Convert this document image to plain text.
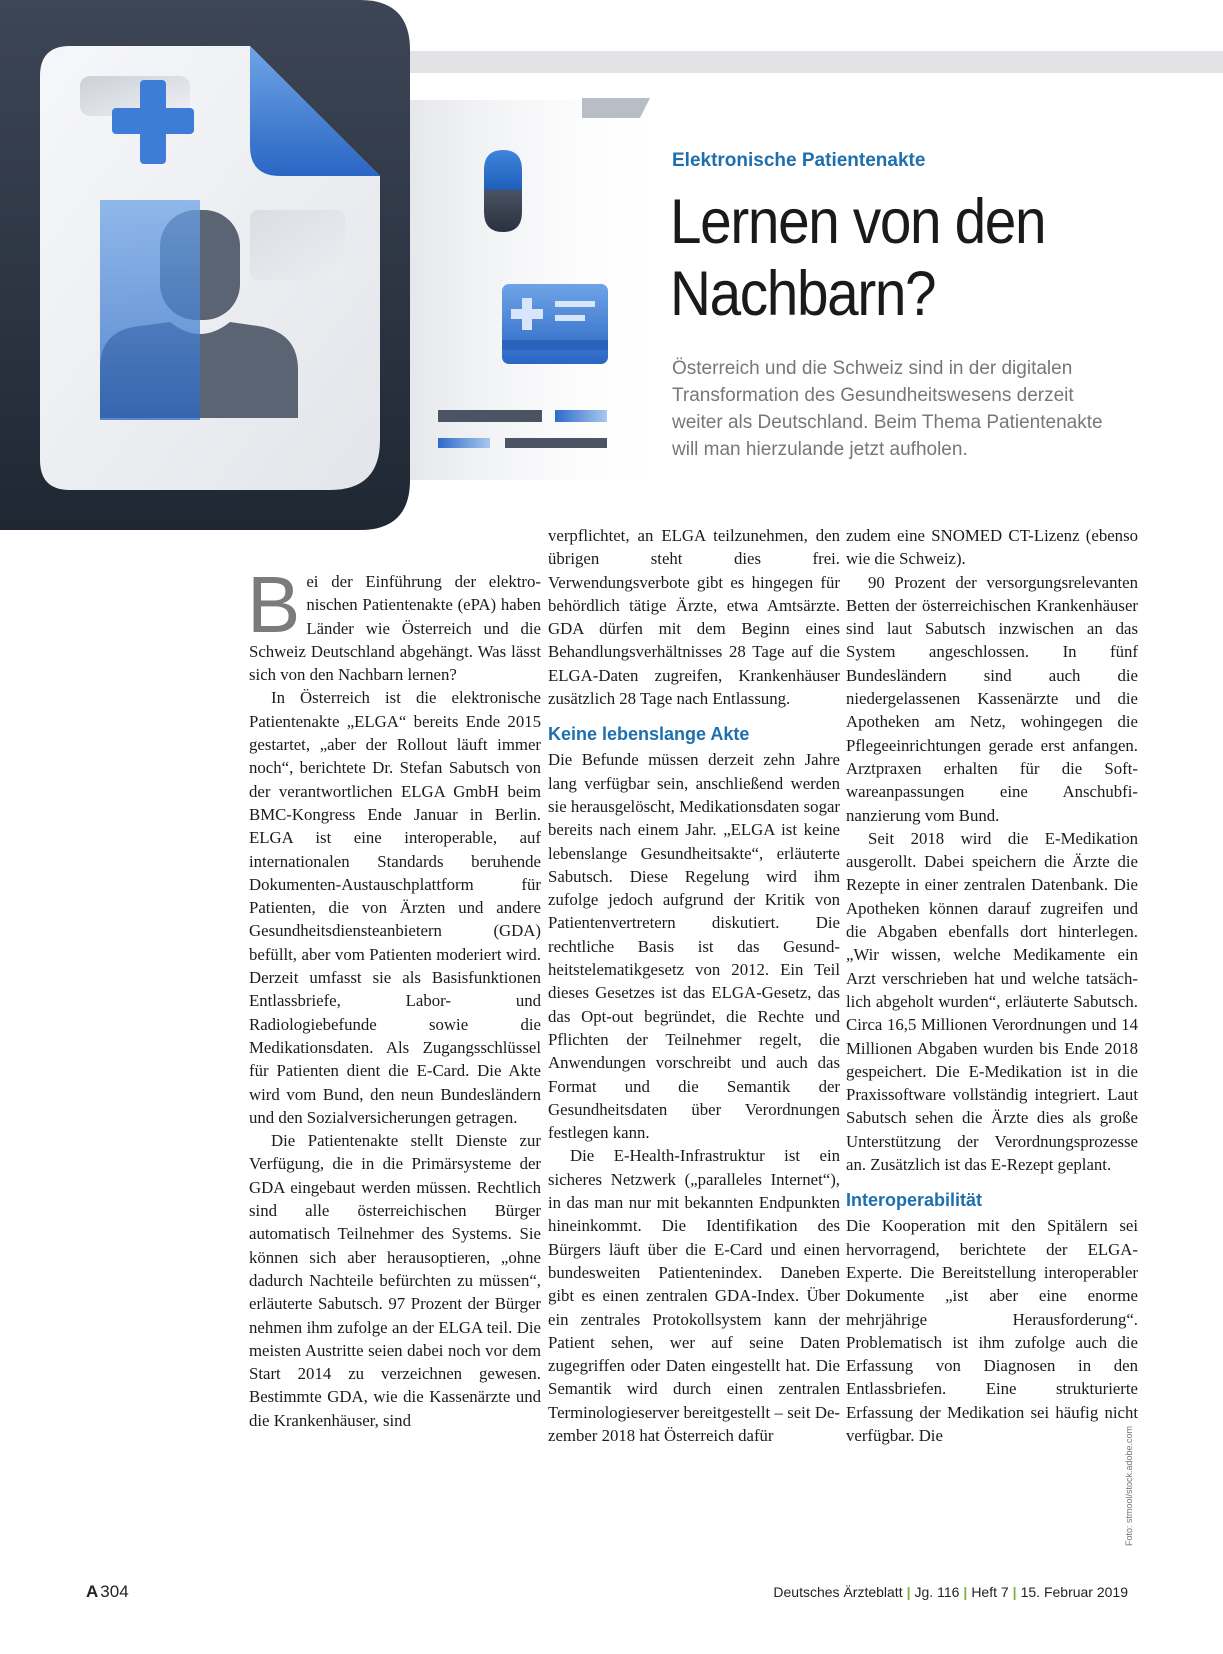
Elektronische Patientenakte

Lernen von den
Nachbarn?

Österreich und die Schweiz sind in der digitalen Transformation des Gesundheitswesens derzeit weiter als Deutschland. Beim Thema Patientenakte will man hierzulande jetzt aufholen.

Bei der Einführung der elektronischen Patientenakte (ePA) haben Länder wie Österreich und die Schweiz Deutschland abgehängt. Was lässt sich von den Nachbarn lernen?

In Österreich ist die elektronische Patientenakte „ELGA“ bereits Ende 2015 gestartet, „aber der Rollout läuft immer noch“, berichtete Dr. Stefan Sabutsch von der verantwortlichen ELGA GmbH beim BMC-Kongress Ende Januar in Berlin. ELGA ist eine interoperable, auf internationalen Standards beruhende Dokumenten-Austauschplattform für Patienten, die von Ärzten und andere Gesundheitsdiensteanbietern (GDA) befüllt, aber vom Patienten moderiert wird. Derzeit umfasst sie als Basisfunktionen Entlassbriefe, Labor- und Radiologiebefunde sowie die Medikationsdaten. Als Zugangsschlüssel für Patienten dient die E-Card. Die Akte wird vom Bund, den neun Bundesländern und den Sozialversicherungen getragen.

Die Patientenakte stellt Dienste zur Verfügung, die in die Primärsysteme der GDA eingebaut werden müssen. Rechtlich sind alle österreichischen Bürger automatisch Teilnehmer des Systems. Sie können sich aber herausoptieren, „ohne dadurch Nachteile befürchten zu müssen“, erläuterte Sabutsch. 97 Prozent der Bürger nehmen ihm zufolge an der ELGA teil. Die meisten Austritte seien dabei noch vor dem Start 2014 zu verzeichnen gewesen. Bestimmte GDA, wie die Kassenärzte und die Krankenhäuser, sind

verpflichtet, an ELGA teilzunehmen, den übrigen steht dies frei. Verwendungsverbote gibt es hingegen für behördlich tätige Ärzte, etwa Amtsärzte. GDA dürfen mit dem Beginn eines Behandlungsverhältnisses 28 Tage auf die ELGA-Daten zugreifen, Krankenhäuser zusätzlich 28 Tage nach Entlassung.

Keine lebenslange Akte

Die Befunde müssen derzeit zehn Jahre lang verfügbar sein, anschließend werden sie herausgelöscht, Medikationsdaten sogar bereits nach einem Jahr. „ELGA ist keine lebenslange Gesundheitsakte“, erläuterte Sabutsch. Diese Regelung wird ihm zufolge jedoch aufgrund der Kritik von Patientenvertretern diskutiert. Die rechtliche Basis ist das Gesundheitstelematikgesetz von 2012. Ein Teil dieses Gesetzes ist das ELGA-Gesetz, das das Opt-out begründet, die Rechte und Pflichten der Teilnehmer regelt, die Anwendungen vorschreibt und auch das Format und die Semantik der Gesundheitsdaten über Verordnungen festlegen kann.

Die E-Health-Infrastruktur ist ein sicheres Netzwerk („paralleles Internet“), in das man nur mit bekannten Endpunkten hineinkommt. Die Identifikation des Bürgers läuft über die E-Card und einen bundesweiten Patientenindex. Daneben gibt es einen zentralen GDA-Index. Über ein zentrales Protokollsystem kann der Patient sehen, wer auf seine Daten zugegriffen oder Daten eingestellt hat. Die Semantik wird durch einen zentralen Terminologieserver bereitgestellt – seit Dezember 2018 hat Österreich dafür

zudem eine SNOMED CT-Lizenz (ebenso wie die Schweiz).

90 Prozent der versorgungsrelevanten Betten der österreichischen Krankenhäuser sind laut Sabutsch inzwischen an das System angeschlossen. In fünf Bundesländern sind auch die niedergelassenen Kassenärzte und die Apotheken am Netz, wohingegen die Pflegeeinrichtungen gerade erst anfangen. Arztpraxen erhalten für die Softwareanpassungen eine Anschubfinanzierung vom Bund.

Seit 2018 wird die E-Medikation ausgerollt. Dabei speichern die Ärzte die Rezepte in einer zentralen Datenbank. Die Apotheken können darauf zugreifen und die Abgaben ebenfalls dort hinterlegen. „Wir wissen, welche Medikamente ein Arzt verschrieben hat und welche tatsächlich abgeholt wurden“, erläuterte Sabutsch. Circa 16,5 Millionen Verordnungen und 14 Millionen Abgaben wurden bis Ende 2018 gespeichert. Die E-Medikation ist in die Praxissoftware vollständig integriert. Laut Sabutsch sehen die Ärzte dies als große Unterstützung der Verordnungsprozesse an. Zusätzlich ist das E-Rezept geplant.

Interoperabilität

Die Kooperation mit den Spitälern sei hervorragend, berichtete der ELGA-Experte. Die Bereitstellung interoperabler Dokumente „ist aber eine enorme mehrjährige Herausforderung“. Problematisch ist ihm zufolge auch die Erfassung von Diagnosen in den Entlassbriefen. Eine strukturierte Erfassung der Medikation sei häufig nicht verfügbar. Die	Foto: stmool/stock.adobe.com
A 304	Deutsches Ärzteblatt | Jg. 116 | Heft 7 | 15. Februar 2019
